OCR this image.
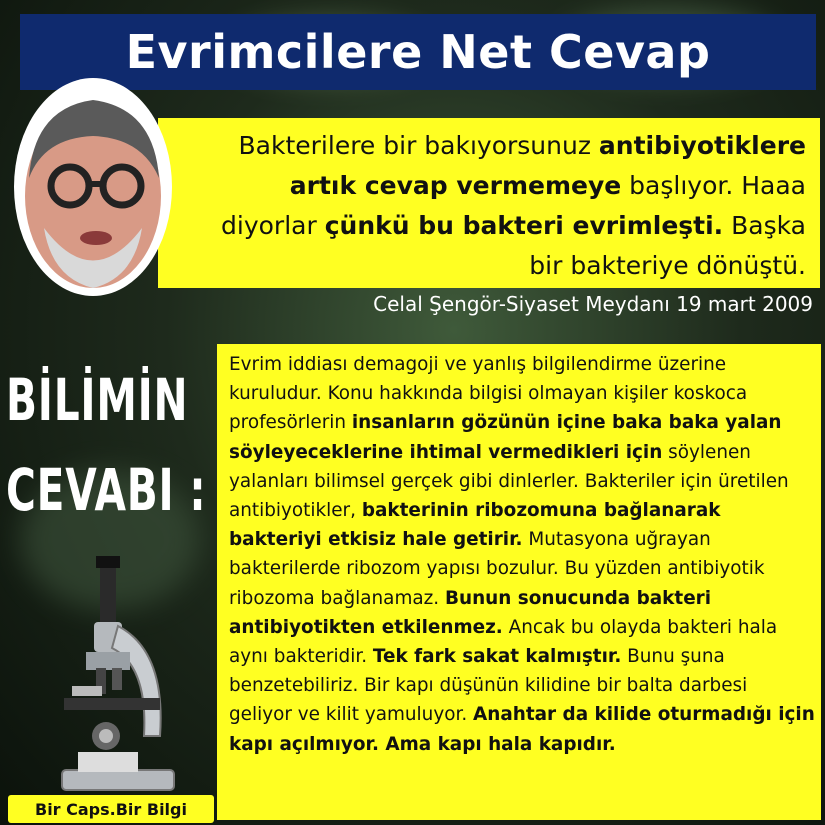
Evrimcilere Net Cevap
Bakterilere bir bakıyorsunuz antibiyotiklere
artık cevap vermemeye başlıyor. Haaa
diyorlar çünkü bu bakteri evrimleşti. Başka
bir bakteriye dönüştü.
Celal Şengör-Siyaset Meydanı 19 mart 2009
BİLİMİN
CEVABI :
Evrim iddiası demagoji ve yanlış bilgilendirme üzerine kuruludur. Konu hakkında bilgisi olmayan kişiler koskoca profesörlerin insanların gözünün içine baka baka yalan söyleyeceklerine ihtimal vermedikleri için söylenen yalanları bilimsel gerçek gibi dinlerler. Bakteriler için üretilen antibiyotikler, bakterinin ribozomuna bağlanarak bakteriyi etkisiz hale getirir. Mutasyona uğrayan bakterilerde ribozom yapısı bozulur. Bu yüzden antibiyotik ribozoma bağlanamaz. Bunun sonucunda bakteri antibiyotikten etkilenmez. Ancak bu olayda bakteri hala aynı bakteridir. Tek fark sakat kalmıştır. Bunu şuna benzetebiliriz. Bir kapı düşünün kilidine bir balta darbesi geliyor ve kilit yamuluyor. Anahtar da kilide oturmadığı için kapı açılmıyor. Ama kapı hala kapıdır.
Bir Caps.Bir Bilgi
